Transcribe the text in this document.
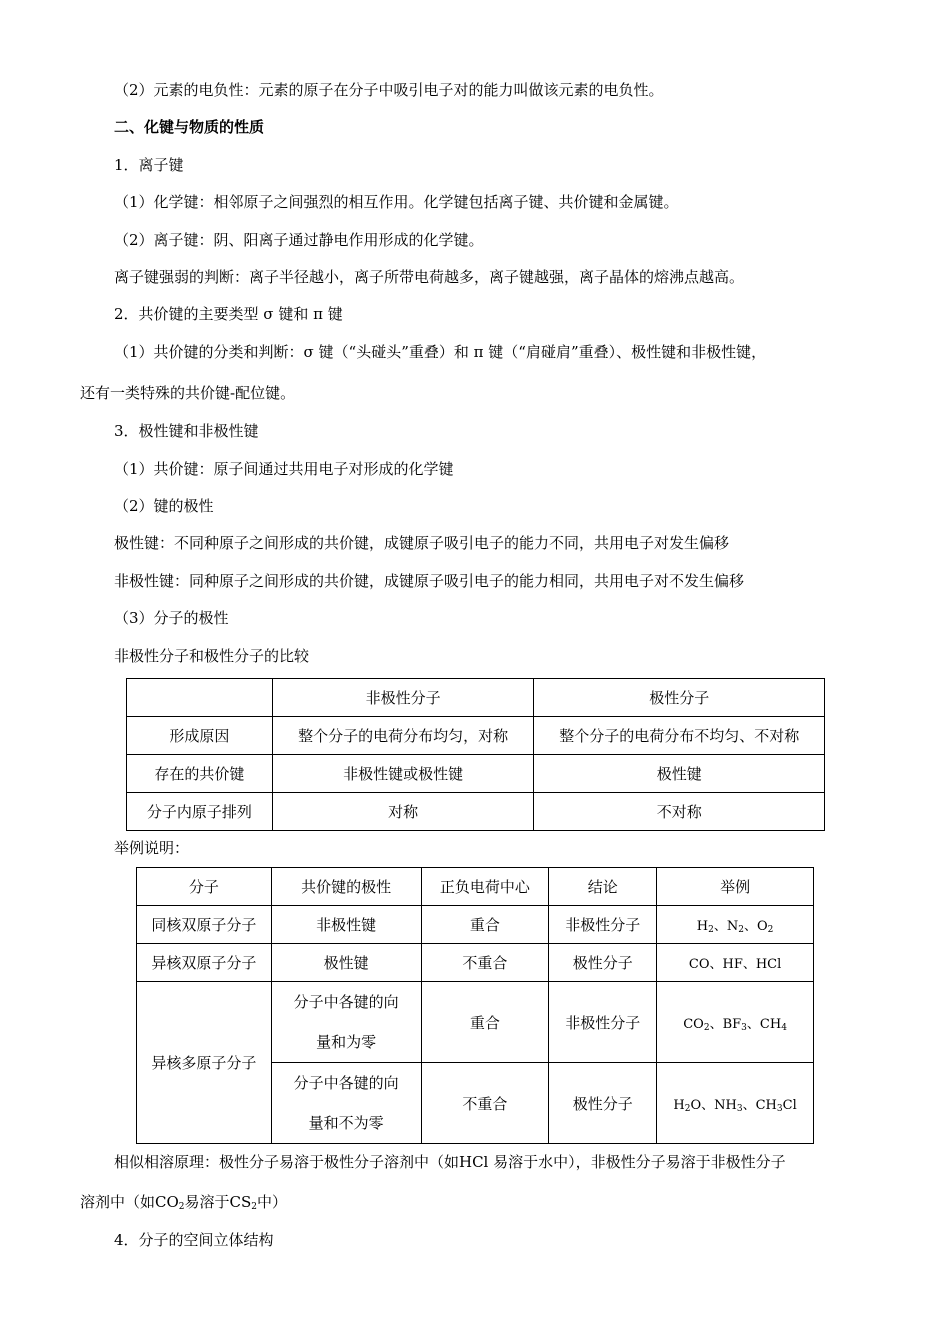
（2）元素的电负性：元素的原子在分子中吸引电子对的能力叫做该元素的电负性。
二、化键与物质的性质
1．离子键
（1）化学键：相邻原子之间强烈的相互作用。化学键包括离子键、共价键和金属键。
（2）离子键：阴、阳离子通过静电作用形成的化学键。
离子键强弱的判断：离子半径越小，离子所带电荷越多，离子键越强，离子晶体的熔沸点越高。
2．共价键的主要类型 σ 键和 π 键
（1）共价键的分类和判断：σ 键（“头碰头”重叠）和 π 键（“肩碰肩”重叠）、极性键和非极性键，
还有一类特殊的共价键-配位键。
3．极性键和非极性键
（1）共价键：原子间通过共用电子对形成的化学键
（2）键的极性
极性键：不同种原子之间形成的共价键，成键原子吸引电子的能力不同，共用电子对发生偏移
非极性键：同种原子之间形成的共价键，成键原子吸引电子的能力相同，共用电子对不发生偏移
（3）分子的极性
非极性分子和极性分子的比较
	非极性分子	极性分子
形成原因	整个分子的电荷分布均匀，对称	整个分子的电荷分布不均匀、不对称
存在的共价键	非极性键或极性键	极性键
分子内原子排列	对称	不对称
举例说明：
分子	共价键的极性	正负电荷中心	结论	举例
同核双原子分子	非极性键	重合	非极性分子	$H_2$、$N_2$、$O_2$
异核双原子分子	极性键	不重合	极性分子	CO、HF、HCl
异核多原子分子	分子中各键的向
量和为零	重合	非极性分子	$CO_2$、$BF_3$、$CH_4$
	分子中各键的向
量和不为零	不重合	极性分子	$H_2O$、$NH_3$、$CH_3Cl$
相似相溶原理：极性分子易溶于极性分子溶剂中（如HCl 易溶于水中），非极性分子易溶于非极性分子
溶剂中（如$CO_2$易溶于$CS_2$中）
4．分子的空间立体结构
